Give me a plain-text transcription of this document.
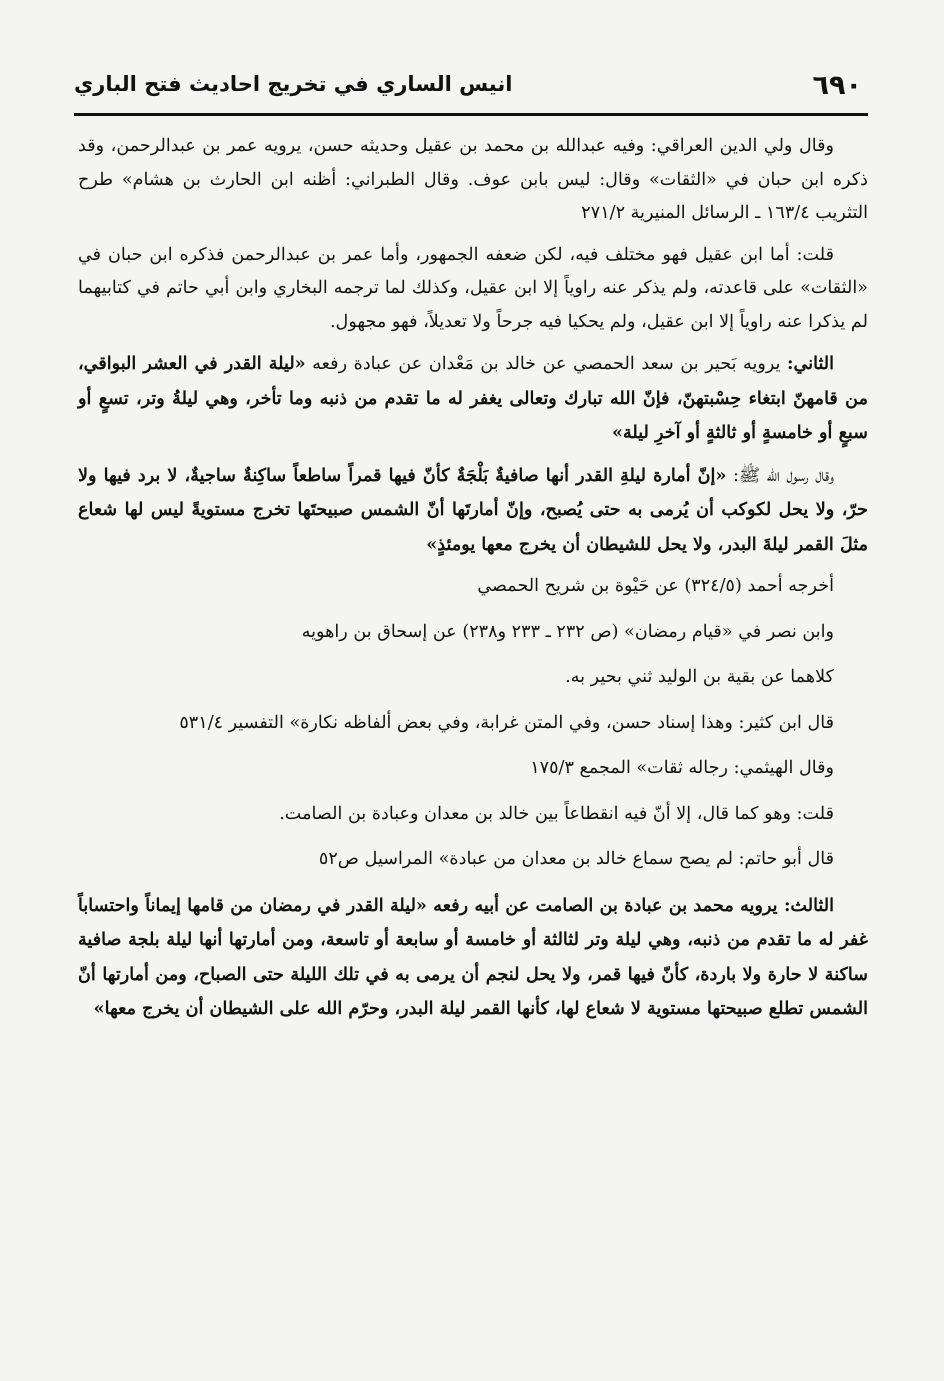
٦٩٠
انيس الساري في تخريج احاديث فتح الباري

وقال ولي الدين العراقي: وفيه عبدالله بن محمد بن عقيل وحديثه حسن، يرويه عمر بن عبدالرحمن، وقد ذكره ابن حبان في «الثقات» وقال: ليس بابن عوف. وقال الطبراني: أظنه ابن الحارث بن هشام» طرح التثريب ١٦٣/٤ ـ الرسائل المنيرية ٢٧١/٢

قلت: أما ابن عقيل فهو مختلف فيه، لكن ضعفه الجمهور، وأما عمر بن عبدالرحمن فذكره ابن حبان في «الثقات» على قاعدته، ولم يذكر عنه راوياً إلا ابن عقيل، وكذلك لما ترجمه البخاري وابن أبي حاتم في كتابيهما لم يذكرا عنه راوياً إلا ابن عقيل، ولم يحكيا فيه جرحاً ولا تعديلاً، فهو مجهول.

الثاني: يرويه بَحير بن سعد الحمصي عن خالد بن مَعْدان عن عبادة رفعه «ليلة القدر في العشر البواقي، من قامهنّ ابتغاء حِسْبتهنّ، فإنّ الله تبارك وتعالى يغفر له ما تقدم من ذنبه وما تأخر، وهي ليلةُ وتر، تسعٍ أو سبعٍ أو خامسةٍ أو ثالثةٍ أو آخرِ ليلة»

وقال رسول الله ﷺ: «إنّ أمارة ليلةِ القدر أنها صافيةٌ بَلْجَةٌ كأنّ فيها قمراً ساطعاً ساكِنةٌ ساجيةٌ، لا برد فيها ولا حرّ، ولا يحل لكوكب أن يُرمى به حتى يُصبح، وإنّ أمارتَها أنّ الشمس صبيحتَها تخرج مستويةً ليس لها شعاع مثلَ القمر ليلةَ البدر، ولا يحل للشيطان أن يخرج معها يومئذٍ»

أخرجه أحمد (٣٢٤/٥) عن حَيْوة بن شريح الحمصي

وابن نصر في «قيام رمضان» (ص ٢٣٢ ـ ٢٣٣ و٢٣٨) عن إسحاق بن راهويه

كلاهما عن بقية بن الوليد ثني بحير به.

قال ابن كثير: وهذا إسناد حسن، وفي المتن غرابة، وفي بعض ألفاظه نكارة» التفسير ٥٣١/٤

وقال الهيثمي: رجاله ثقات» المجمع ١٧٥/٣

قلت: وهو كما قال، إلا أنّ فيه انقطاعاً بين خالد بن معدان وعبادة بن الصامت.

قال أبو حاتم: لم يصح سماع خالد بن معدان من عبادة» المراسيل ص٥٢

الثالث: يرويه محمد بن عبادة بن الصامت عن أبيه رفعه «ليلة القدر في رمضان من قامها إيماناً واحتساباً غفر له ما تقدم من ذنبه، وهي ليلة وتر لثالثة أو خامسة أو سابعة أو تاسعة، ومن أمارتها أنها ليلة بلجة صافية ساكنة لا حارة ولا باردة، كأنّ فيها قمر، ولا يحل لنجم أن يرمى به في تلك الليلة حتى الصباح، ومن أمارتها أنّ الشمس تطلع صبيحتها مستوية لا شعاع لها، كأنها القمر ليلة البدر، وحرّم الله على الشيطان أن يخرج معها»
